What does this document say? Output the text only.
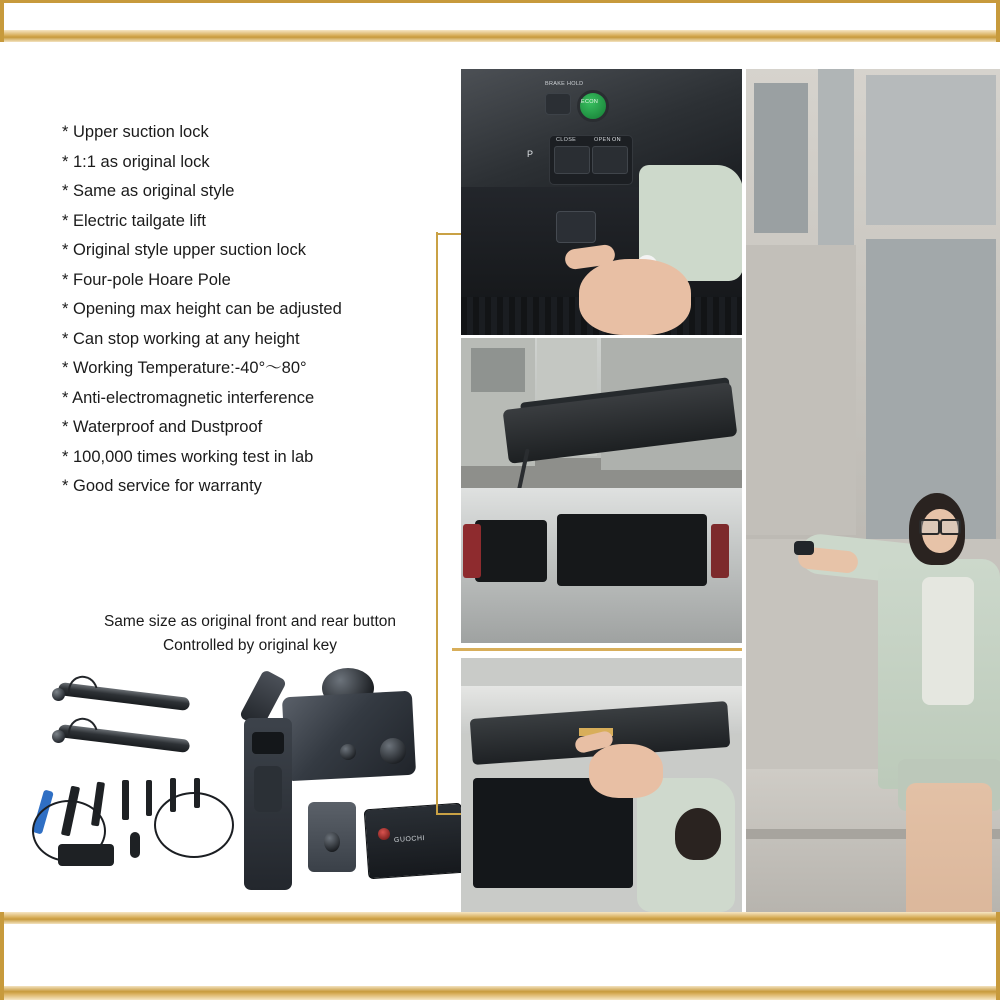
* Upper suction lock
* 1:1 as original lock
* Same as original style
* Electric tailgate lift
* Original style upper suction lock
* Four-pole Hoare Pole
* Opening max height can be adjusted
* Can stop working at any height
* Working Temperature:-40°～80°
* Anti-electromagnetic interference
* Waterproof and Dustproof
* 100,000 times working test in lab
* Good service for warranty
Same size as original front and rear button
Controlled by original key
GUOCHI
BRAKE HOLD
ECON
CLOSE	OPEN ON
P
